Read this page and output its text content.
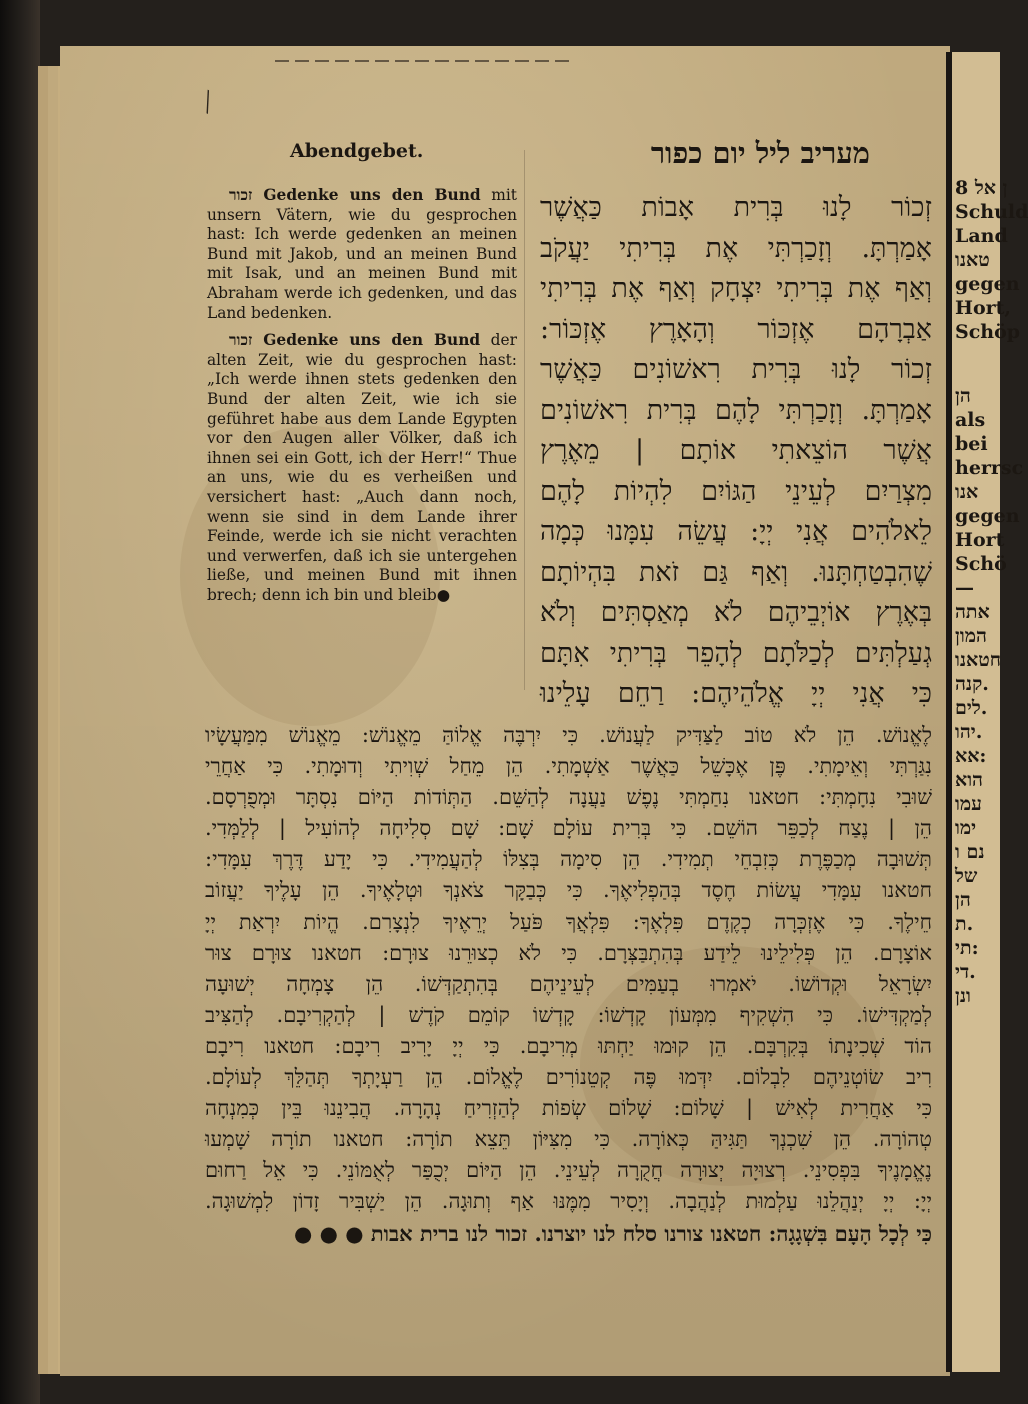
╲
Abendgebet.	מעריב ליל יום כפור

זכור Gedenke uns den Bund mit unsern Vätern, wie du gesprochen hast: Ich werde gedenken an meinen Bund mit Jakob, und an meinen Bund mit Isak, und an meinen Bund mit Abraham werde ich gedenken, und das Land bedenken.

זכור Gedenke uns den Bund der alten Zeit, wie du gesprochen hast: „Ich werde ihnen stets gedenken den Bund der alten Zeit, wie ich sie geführet habe aus dem Lande Egypten vor den Augen aller Völker, daß ich ihnen sei ein Gott, ich der Herr!“ Thue an uns, wie du es verheißen und versichert hast: „Auch dann noch, wenn sie sind in dem Lande ihrer Feinde, werde ich sie nicht verachten und verwerfen, daß ich sie untergehen ließe, und meinen Bund mit ihnen brech; denn ich bin und bleib●

זְכוֹר לָנוּ בְּרִית אָבוֹת כַּאֲשֶׁר
אָמַרְתָּ. וְזָכַרְתִּי אֶת בְּרִיתִי יַעֲקֹב
וְאַף אֶת בְּרִיתִי יִצְחָק וְאַף אֶת בְּרִיתִי
אַבְרָהָם אֶזְכּוֹר וְהָאָרֶץ אֶזְכּוֹר:
זְכוֹר לָנוּ בְּרִית רִאשׁוֹנִים כַּאֲשֶׁר
אָמַרְתָּ. וְזָכַרְתִּי לָהֶם בְּרִית רִאשׁוֹנִים
אֲשֶׁר הוֹצֵאתִי אוֹתָם | מֵאֶרֶץ
מִצְרַיִם לְעֵינֵי הַגּוֹיִם לִהְיוֹת לָהֶם
לֵאלֹהִים אֲנִי יְיָ: עֲשֵׂה עִמָּנוּ כְּמָה
שֶׁהִבְטַחְתָּנוּ. וְאַף גַּם זֹאת בִּהְיוֹתָם
בְּאֶרֶץ אוֹיְבֵיהֶם לֹא מְאַסְתִּים וְלֹא
גְעַלְתִּים לְכַלֹּתָם לְהָפֵר בְּרִיתִי אִתָּם
כִּי אֲנִי יְיָ אֱלֹהֵיהֶם: רַחֵם עָלֵינוּ
לֶאֱנוֹשׁ. הֵן לֹא טוֹב לַצַּדִּיק לַעֲנוֹשׁ. כִּי יִרְבֶּה אֱלוֹהַּ מֵאֱנוֹשׁ: מֵאֱנוֹשׁ מִמַּעֲשָׂיו
נִגַּרְתִּי וְאֵימָתִי. פֶּן אֶכָּשֵׁל כַּאֲשֶׁר אַשְׁמָתִי. הֵן מֵחַל שְׁוִיתִי וְדוּמָתִי. כִּי אַחֲרֵי
שׁוּבִי נִחָמְתִּי: חטאנו נִחַמְתִּי נֶפֶשׁ נַעֲנָה לְהַשֵּׁם. הַתְּוֹדוֹת הַיּוֹם נִסְתָּר וּמְפֻרְסָם.
הֵן | נֶצַח לְכַפֵּר הוֹשֵׁם. כִּי בְּרִית עוֹלָם שָׁם: שָׁם סְלִיחָה לְהוֹעִיל | לְלַמְּדִי.
תְּשׁוּבָה מְכַפֶּרֶת כְּזִבְחֵי תְמִידִי. הֵן סִימָה בְּצִלּוֹ לְהַעֲמִידִי. כִּי יָדַע דֶּרֶךְ עִמָּדִי:
חטאנו עִמָּדִי עֲשׂוֹת חֶסֶד בְּהַפְלִיאֶךָ. כִּי כְּבַקָּר צֹאנְךָ וּטְלָאֶיךָ. הֵן עָלֶיךָ יַעֲזוֹב
חֵילֶךָ. כִּי אֶזְכְּרָה כְקֶדֶם פִּלְאֶךָ: פִּלְאֲךָ פֹּעַל יְרֵאֶיךָ לִנְצָרִם. הֱיוֹת יִרְאַת יְיָ
אוֹצָרָם. הֵן פְּלִילֵינוּ לֵידַע בְּהִתְבַּצְּרָם. כִּי לֹא כְצוּרֵנוּ צוּרָם: חטאנו צוּרָם צוּר
יִשְׂרָאֵל וּקְדוֹשׁוֹ. יֹאמְרוּ בְעַמִּים לְעֵינֵיהֶם בְּהִתְקַדְּשׁוֹ. הֵן צָמְחָה יְשׁוּעָה
לְמַקְדִּישׁוֹ. כִּי הִשְׁקִיף מִמְּעוֹן קָדְשׁוֹ: קָדְשׁוֹ קוֹמֵם קֹדֶשׁ | לְהַקְרִיבָם. לְהַצִּיב
הוֹד שְׁכִינָתוֹ בְּקִרְבָּם. הֵן קוּמוּ יַחְתּוּ מְרִיבָם. כִּי יְיָ יָרִיב רִיבָם: חטאנו רִיבָם
רִיב שׂוֹטְנֵיהֶם לִבְלוֹם. יִדְּמוּ פֶּה קְטֵנוֹרִים לֶאֱלוֹם. הֵן רַעְיָתְךָ תְּהַלֵּךְ לְעוֹלָם.
כִּי אַחֲרִית לְאִישׁ | שָׁלוֹם: שָׁלוֹם שְׂפוֹת לְהַזְרִיחַ נְהָרָה. הֲבִינֵנוּ בֵּין כְּמִנְחָה
טְהוֹרָה. הֵן שִׁכְנְךָ תַּגִּיהַּ כְּאוֹרָה. כִּי מִצִּיּוֹן תֵּצֵא תוֹרָה: חטאנו תוֹרָה שָׁמְעוּ
נֶאֱמָנֶיךָ בִּפְסִינֵי. רְצוּיָה יְצוּרָה חֲקֻרָה לְעֵינֵי. הֵן הַיּוֹם יְכֻפַּר לְאֻמּוֹנֵי. כִּי אֵל רַחוּם
יְיָ: יְיָ יְנַהֲלֵנוּ עַלְמוּת לְנַהֲבָה. וְיָסִיר מִמֶּנּוּ אַף וְתוּגָה. הֵן יַשְׁבִּיר זָדוֹן לִמְשׁוּגָה.
כִּי לְכָל הָעָם בִּשְׁגָגָה: חטאנו צורנו סלח לנו יוצרנו. זכור לנו ברית אבות ● ● ●
ן אל 8
Schuld
Land
טאנו
gegen
Hort,
Schöp
הן
als
bei
herrsc
אנו
gegen
Hort
Schö
—
אתה
המון
חטאנו
קנה.
לים.
יהו.
אא:
הוא
עמו
ימו
נם ו
של
הן
ת.
תי:
די.
ונן
